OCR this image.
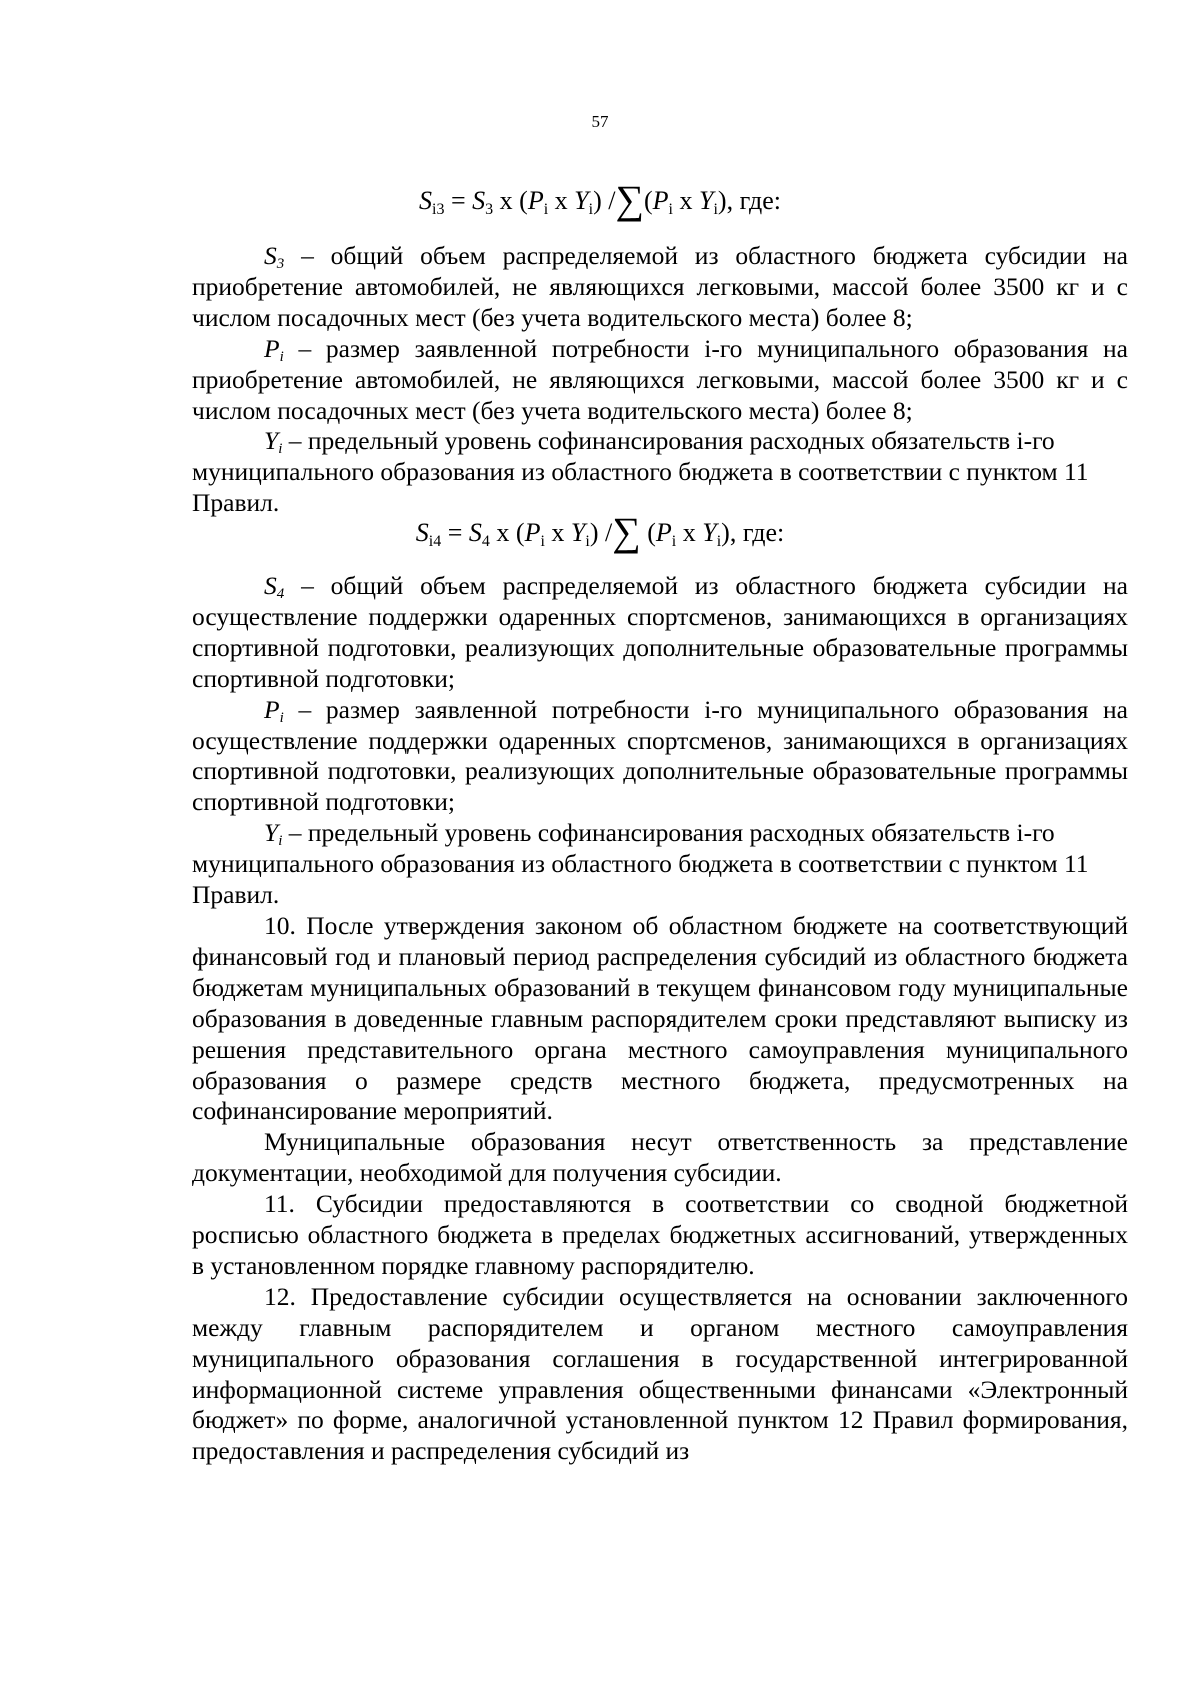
57
$S_{i3} = S_3$ x ($P_i$ x $Y_i$) $/\sum(P_i$ x $Y_i$), где:

$S_3$ – общий объем распределяемой из областного бюджета субсидии на приобретение автомобилей, не являющихся легковыми, массой более 3500 кг и с числом посадочных мест (без учета водительского места) более 8;

$P_i$ – размер заявленной потребности i-го муниципального образования на приобретение автомобилей, не являющихся легковыми, массой более 3500 кг и с числом посадочных мест (без учета водительского места) более 8;

$Y_i$ – предельный уровень софинансирования расходных обязательств i-го муниципального образования из областного бюджета в соответствии с пунктом 11 Правил.

$S_{i4} = S_4$ x ($P_i$ x $Y_i$) /∑ ($P_i$ x $Y_i$), где:

$S_4$ – общий объем распределяемой из областного бюджета субсидии на осуществление поддержки одаренных спортсменов, занимающихся в организациях спортивной подготовки, реализующих дополнительные образовательные программы спортивной подготовки;

$P_i$ – размер заявленной потребности i-го муниципального образования на осуществление поддержки одаренных спортсменов, занимающихся в организациях спортивной подготовки, реализующих дополнительные образовательные программы спортивной подготовки;

$Y_i$ – предельный уровень софинансирования расходных обязательств i-го муниципального образования из областного бюджета в соответствии с пунктом 11 Правил.

10. После утверждения законом об областном бюджете на соответствующий финансовый год и плановый период распределения субсидий из областного бюджета бюджетам муниципальных образований в текущем финансовом году муниципальные образования в доведенные главным распорядителем сроки представляют выписку из решения представительного органа местного самоуправления муниципального образования о размере средств местного бюджета, предусмотренных на софинансирование мероприятий.

Муниципальные образования несут ответственность за представление документации, необходимой для получения субсидии.

11. Субсидии предоставляются в соответствии со сводной бюджетной росписью областного бюджета в пределах бюджетных ассигнований, утвержденных в установленном порядке главному распорядителю.

12. Предоставление субсидии осуществляется на основании заключенного между главным распорядителем и органом местного самоуправления муниципального образования соглашения в государственной интегрированной информационной системе управления общественными финансами «Электронный бюджет» по форме, аналогичной установленной пунктом 12 Правил формирования, предоставления и распределения субсидий из
